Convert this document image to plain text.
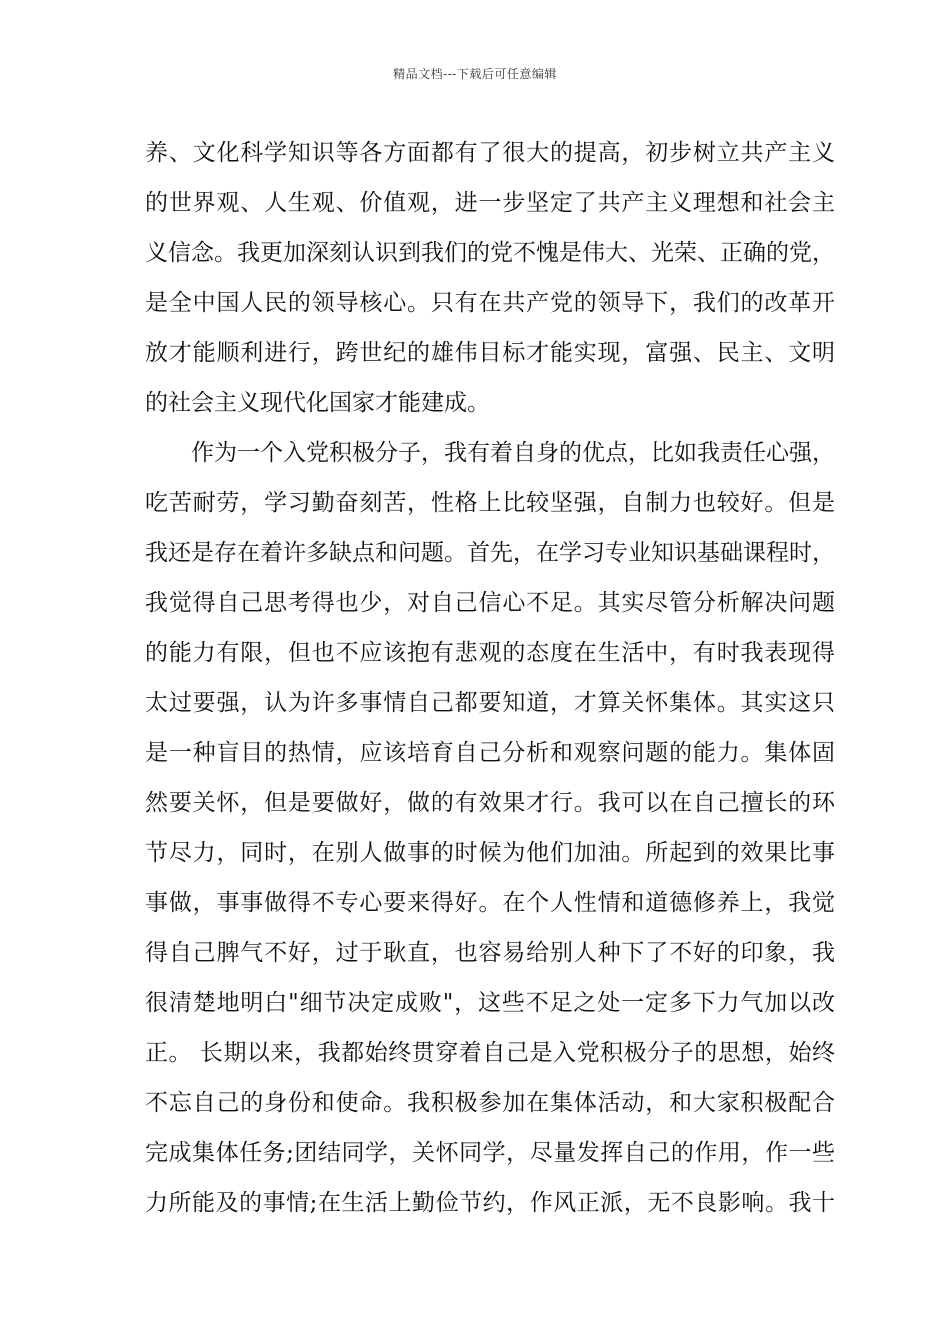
精品文档---下载后可任意编辑
养、文化科学知识等各方面都有了很大的提高，初步树立共产主义
的世界观、人生观、价值观，进一步坚定了共产主义理想和社会主
义信念。我更加深刻认识到我们的党不愧是伟大、光荣、正确的党，
是全中国人民的领导核心。只有在共产党的领导下，我们的改革开
放才能顺利进行，跨世纪的雄伟目标才能实现，富强、民主、文明
的社会主义现代化国家才能建成。
作为一个入党积极分子，我有着自身的优点，比如我责任心强，
吃苦耐劳，学习勤奋刻苦，性格上比较坚强，自制力也较好。但是
我还是存在着许多缺点和问题。首先，在学习专业知识基础课程时，
我觉得自己思考得也少，对自己信心不足。其实尽管分析解决问题
的能力有限，但也不应该抱有悲观的态度在生活中，有时我表现得
太过要强，认为许多事情自己都要知道，才算关怀集体。其实这只
是一种盲目的热情，应该培育自己分析和观察问题的能力。集体固
然要关怀，但是要做好，做的有效果才行。我可以在自己擅长的环
节尽力，同时，在别人做事的时候为他们加油。所起到的效果比事
事做，事事做得不专心要来得好。在个人性情和道德修养上，我觉
得自己脾气不好，过于耿直，也容易给别人种下了不好的印象，我
很清楚地明白"细节决定成败"，这些不足之处一定多下力气加以改
正。 长期以来，我都始终贯穿着自己是入党积极分子的思想，始终
不忘自己的身份和使命。我积极参加在集体活动，和大家积极配合
完成集体任务;团结同学，关怀同学，尽量发挥自己的作用，作一些
力所能及的事情;在生活上勤俭节约，作风正派，无不良影响。我十
